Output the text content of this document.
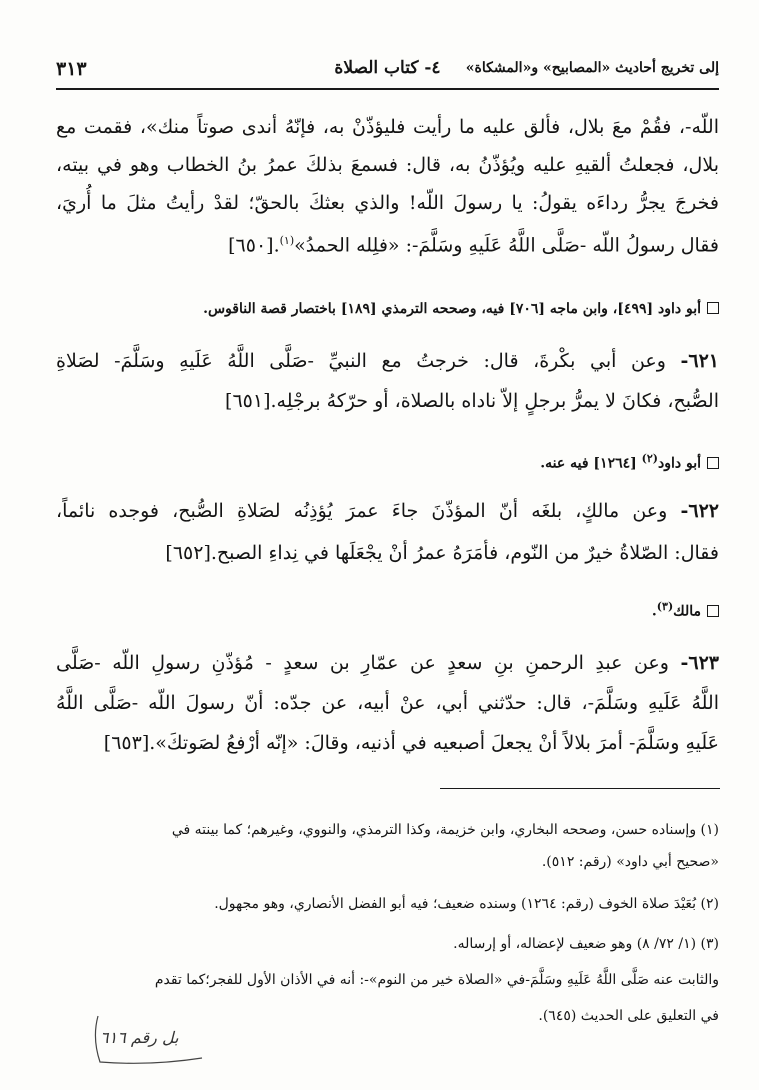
إلى تخريج أحاديث «المصابيح» و«المشكاة»
٤- كتاب الصلاة
٣١٣
اللّه-، فقُمْ معَ بلال، فألق عليه ما رأيت فليؤذّنْ به، فإنّهُ أندى صوتاً منك»، فقمت مع
بلال، فجعلتُ ألقيهِ عليه ويُؤذّنُ به، قال: فسمعَ بذلكَ عمرُ بنُ الخطاب وهو في بيته،
فخرجَ يجرُّ رداءَه يقولُ: يا رسولَ اللّه! والذي بعثكَ بالحقّ؛ لقدْ رأيتُ مثلَ ما أُريَ،
فقال رسولُ اللّه -صَلَّى اللَّهُ عَلَيهِ وسَلَّمَ-: «فلِله الحمدُ»$^{(١)}$.[٦٥٠]
أبو داود [٤٩٩]، وابن ماجه [٧٠٦] فيه، وصححه الترمذي [١٨٩] باختصار قصة الناقوس.
٦٢١- وعن أبي بكْرةَ، قال: خرجتُ مع النبيِّ -صَلَّى اللَّهُ عَلَيهِ وسَلَّمَ- لصَلاةِ
الصُّبح، فكانَ لا يمرُّ برجلٍ إلاّ ناداه بالصلاة، أو حرّكهُ برجْلِه.[٦٥١]
أبو داود$^{(٢)}$ [١٢٦٤] فيه عنه.
٦٢٢- وعن مالكٍ، بلغَه أنّ المؤذّنَ جاءَ عمرَ يُؤذِنُه لصَلاةِ الصُّبح، فوجده نائماً،
فقال: الصّلاةُ خيرٌ من النّوم، فأمَرَهُ عمرُ أنْ يجْعَلَها في نِداءِ الصبح.[٦٥٢]
مالك$^{(٣)}$.
٦٢٣- وعن عبدِ الرحمنِ بنِ سعدٍ عن عمّارِ بن سعدٍ - مُؤذّنِ رسولِ اللّه -صَلَّى
اللَّهُ عَلَيهِ وسَلَّمَ-، قال: حدّثني أبي، عنْ أبيه، عن جدّه: أنّ رسولَ اللّه -صَلَّى اللَّهُ
عَلَيهِ وسَلَّمَ- أمرَ بلالاً أنْ يجعلَ أصبعيه في أذنيه، وقالَ: «إنّه أرْفعُ لصَوتكَ».[٦٥٣]
(١) وإسناده حسن، وصححه البخاري، وابن خزيمة، وكذا الترمذي، والنووي، وغيرهم؛ كما بينته في
«صحيح أبي داود» (رقم: ٥١٢).
(٢) بُعَيْدَ صلاة الخوف (رقم: ١٢٦٤) وسنده ضعيف؛ فيه أبو الفضل الأنصاري، وهو مجهول.
(٣) (١/ ٧٢/ ٨) وهو ضعيف لإعضاله، أو إرساله.
والثابت عنه صَلَّى اللَّهُ عَلَيهِ وسَلَّمَ-في «الصلاة خير من النوم»-: أنه في الأذان الأول للفجر؛كما تقدم
في التعليق على الحديث (٦٤٥).
بل رقم ٦١٦
